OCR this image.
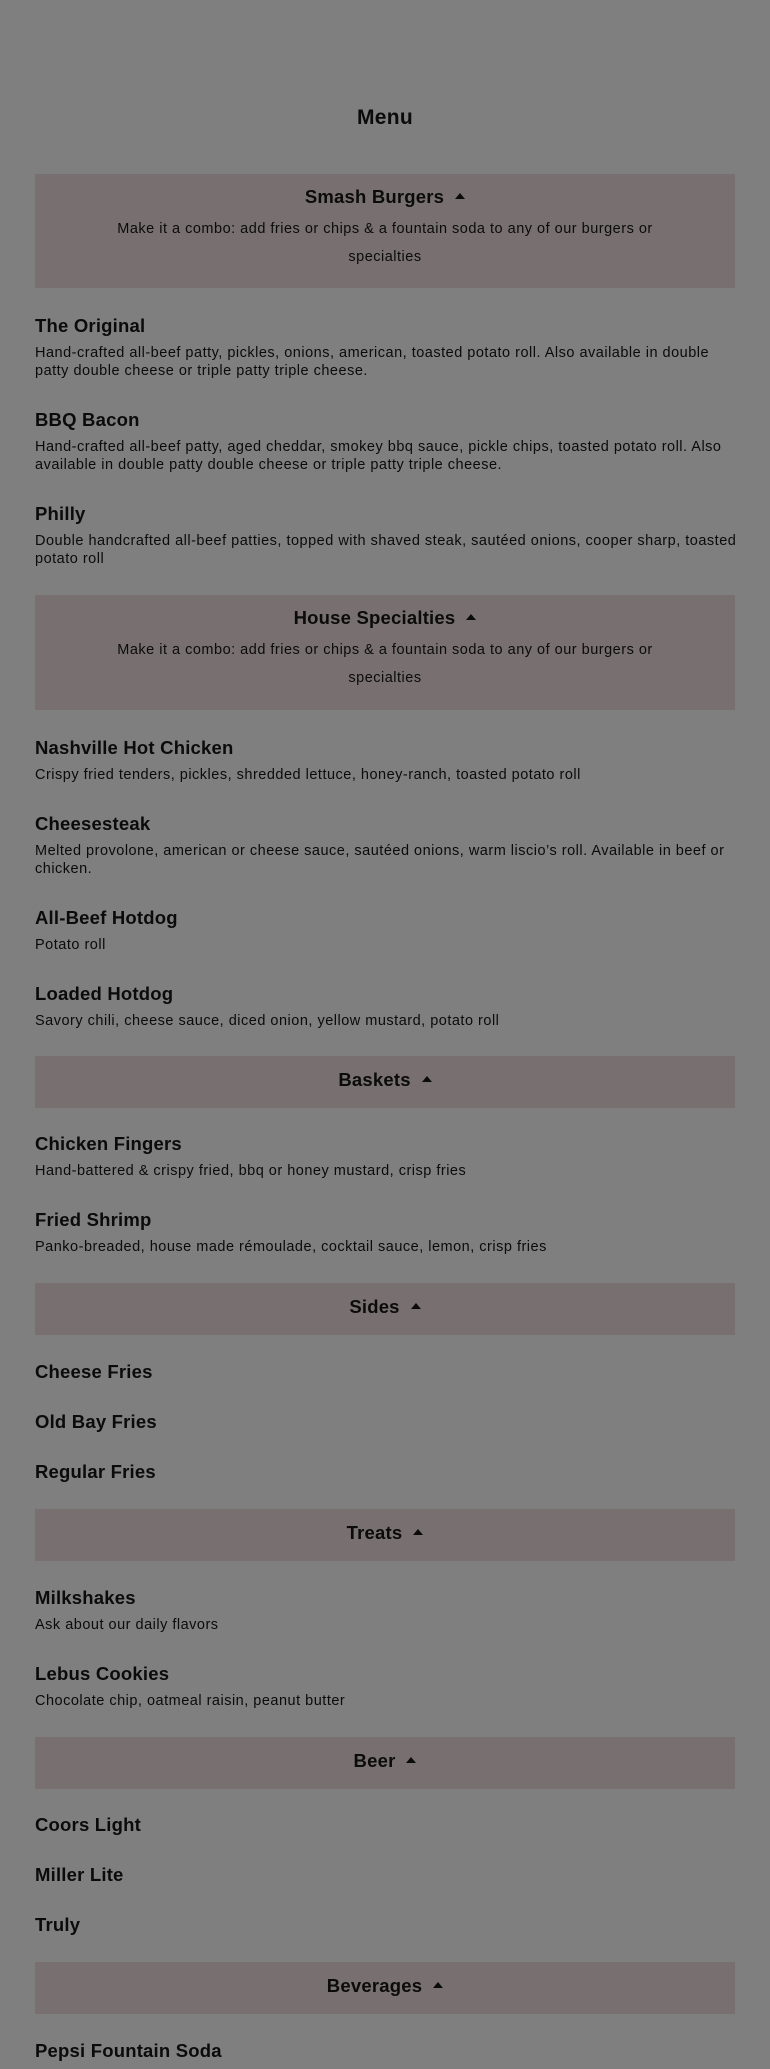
Menu
Smash Burgers
Make it a combo: add fries or chips & a fountain soda to any of our burgers or specialties
The Original
Hand-crafted all-beef patty, pickles, onions, american, toasted potato roll. Also available in double patty double cheese or triple patty triple cheese.
BBQ Bacon
Hand-crafted all-beef patty, aged cheddar, smokey bbq sauce, pickle chips, toasted potato roll. Also available in double patty double cheese or triple patty triple cheese.
Philly
Double handcrafted all-beef patties, topped with shaved steak, sautéed onions, cooper sharp, toasted potato roll
House Specialties
Make it a combo: add fries or chips & a fountain soda to any of our burgers or specialties
Nashville Hot Chicken
Crispy fried tenders, pickles, shredded lettuce, honey-ranch, toasted potato roll
Cheesesteak
Melted provolone, american or cheese sauce, sautéed onions, warm liscio’s roll. Available in beef or chicken.
All-Beef Hotdog
Potato roll
Loaded Hotdog
Savory chili, cheese sauce, diced onion, yellow mustard, potato roll
Baskets
Chicken Fingers
Hand-battered & crispy fried, bbq or honey mustard, crisp fries
Fried Shrimp
Panko-breaded, house made rémoulade, cocktail sauce, lemon, crisp fries
Sides
Cheese Fries
Old Bay Fries
Regular Fries
Treats
Milkshakes
Ask about our daily flavors
Lebus Cookies
Chocolate chip, oatmeal raisin, peanut butter
Beer
Coors Light
Miller Lite
Truly
Beverages
Pepsi Fountain Soda
